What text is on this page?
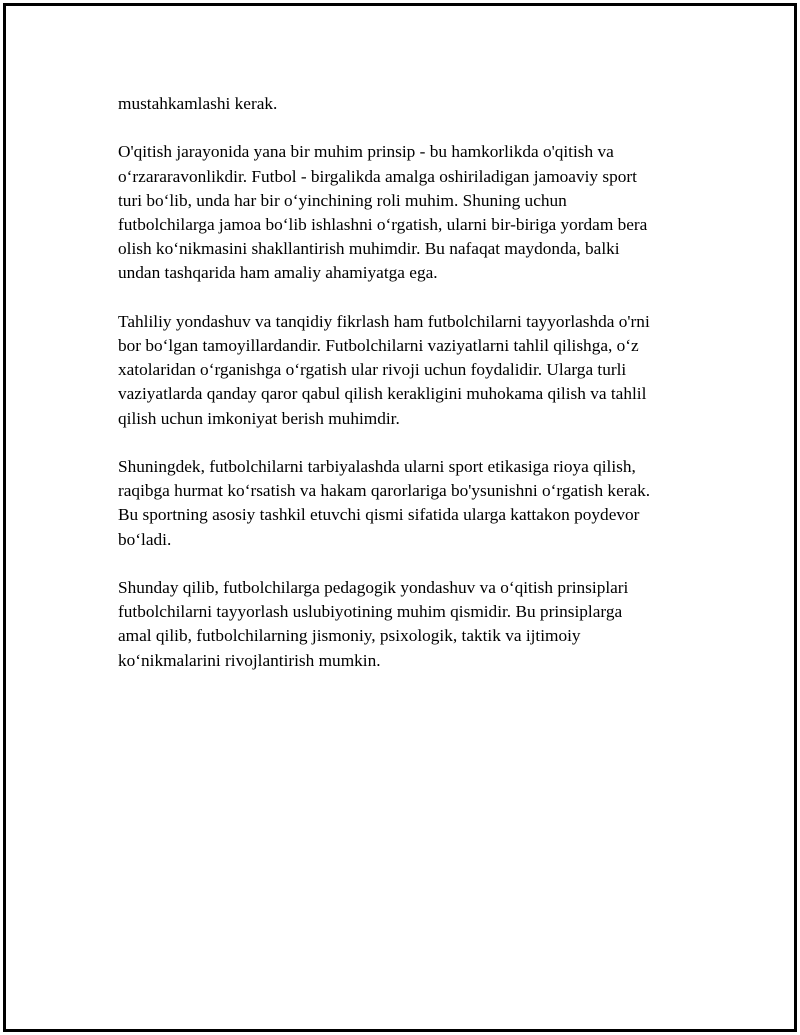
mustahkamlashi kerak.

O'qitish jarayonida yana bir muhim prinsip - bu hamkorlikda o'qitish va
o‘rzararavonlikdir. Futbol - birgalikda amalga oshiriladigan jamoaviy sport
turi bo‘lib, unda har bir o‘yinchining roli muhim. Shuning uchun
futbolchilarga jamoa bo‘lib ishlashni o‘rgatish, ularni bir-biriga yordam bera
olish ko‘nikmasini shakllantirish muhimdir. Bu nafaqat maydonda, balki
undan tashqarida ham amaliy ahamiyatga ega.

Tahliliy yondashuv va tanqidiy fikrlash ham futbolchilarni tayyorlashda o'rni
bor bo‘lgan tamoyillardandir. Futbolchilarni vaziyatlarni tahlil qilishga, o‘z
xatolaridan o‘rganishga o‘rgatish ular rivoji uchun foydalidir. Ularga turli
vaziyatlarda qanday qaror qabul qilish kerakligini muhokama qilish va tahlil
qilish uchun imkoniyat berish muhimdir.

Shuningdek, futbolchilarni tarbiyalashda ularni sport etikasiga rioya qilish,
raqibga hurmat ko‘rsatish va hakam qarorlariga bo'ysunishni o‘rgatish kerak.
Bu sportning asosiy tashkil etuvchi qismi sifatida ularga kattakon poydevor
bo‘ladi.

Shunday qilib, futbolchilarga pedagogik yondashuv va o‘qitish prinsiplari
futbolchilarni tayyorlash uslubiyotining muhim qismidir. Bu prinsiplarga
amal qilib, futbolchilarning jismoniy, psixologik, taktik va ijtimoiy
ko‘nikmalarini rivojlantirish mumkin.
